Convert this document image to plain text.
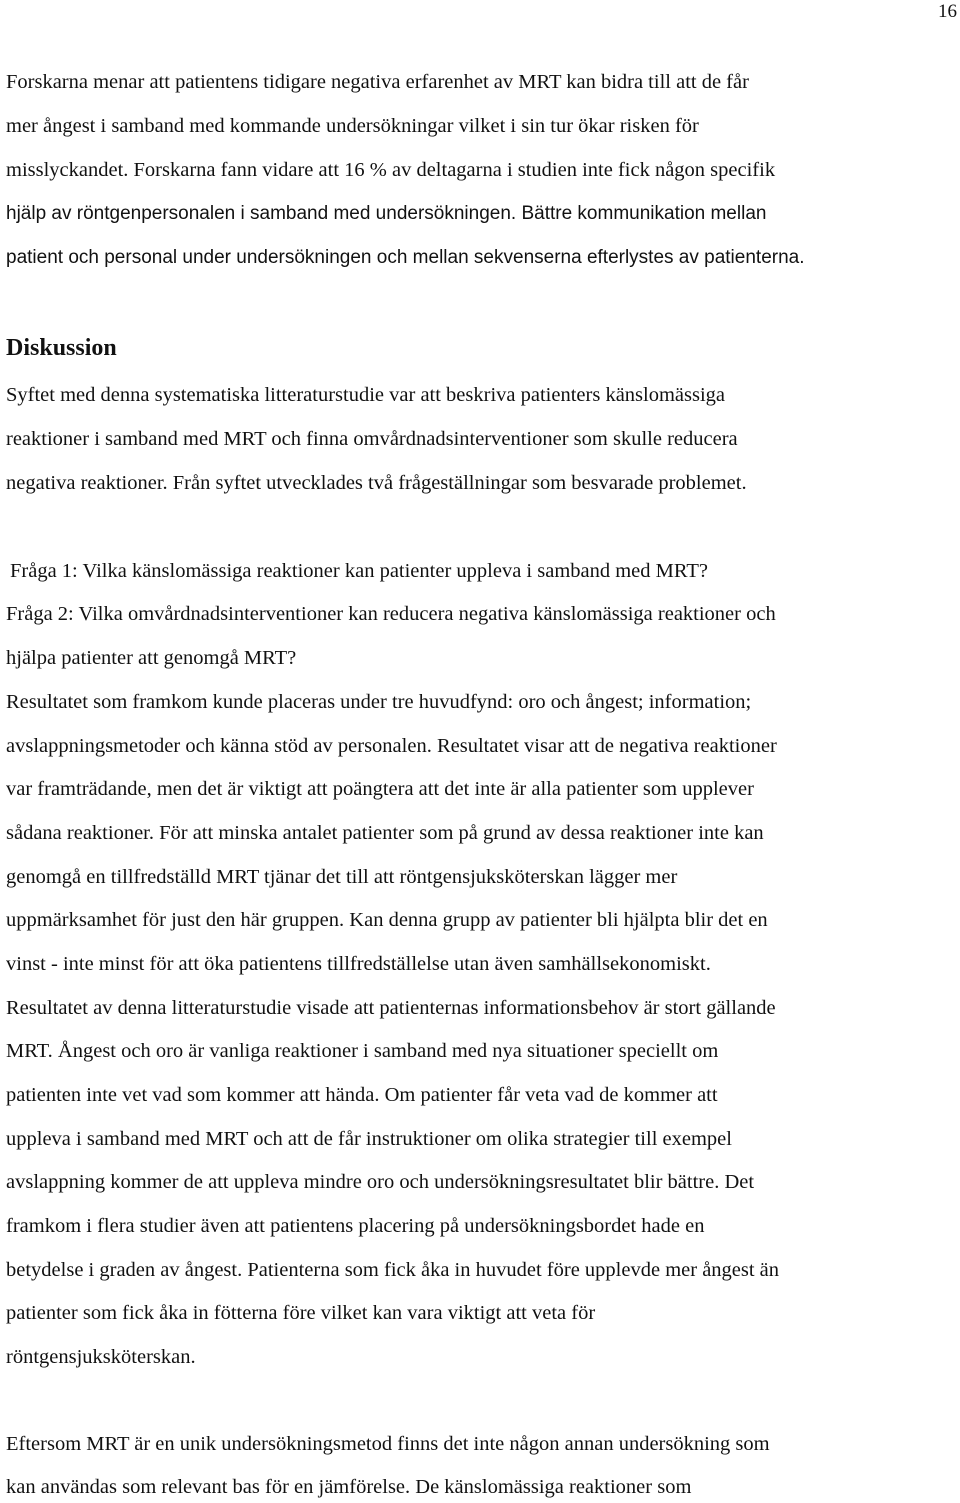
16
Forskarna menar att patientens tidigare negativa erfarenhet av MRT kan bidra till att de får
mer ångest i samband med kommande undersökningar vilket i sin tur ökar risken för
misslyckandet. Forskarna fann vidare att 16 % av deltagarna i studien inte fick någon specifik
hjälp av röntgenpersonalen i samband med undersökningen. Bättre kommunikation mellan
patient och personal under undersökningen och mellan sekvenserna efterlystes av patienterna.
Diskussion
Syftet med denna systematiska litteraturstudie var att beskriva patienters känslomässiga
reaktioner i samband med MRT och finna omvårdnadsinterventioner som skulle reducera
negativa reaktioner. Från syftet utvecklades två frågeställningar som besvarade problemet.
Fråga 1: Vilka känslomässiga reaktioner kan patienter uppleva i samband med MRT?
Fråga 2: Vilka omvårdnadsinterventioner kan reducera negativa känslomässiga reaktioner och
hjälpa patienter att genomgå MRT?
Resultatet som framkom kunde placeras under tre huvudfynd: oro och ångest; information;
avslappningsmetoder och känna stöd av personalen. Resultatet visar att de negativa reaktioner
var framträdande, men det är viktigt att poängtera att det inte är alla patienter som upplever
sådana reaktioner. För att minska antalet patienter som på grund av dessa reaktioner inte kan
genomgå en tillfredställd MRT tjänar det till att röntgensjuksköterskan lägger mer
uppmärksamhet för just den här gruppen. Kan denna grupp av patienter bli hjälpta blir det en
vinst - inte minst för att öka patientens tillfredställelse utan även samhällsekonomiskt.
Resultatet av denna litteraturstudie visade att patienternas informationsbehov är stort gällande
MRT. Ångest och oro är vanliga reaktioner i samband med nya situationer speciellt om
patienten inte vet vad som kommer att hända. Om patienter får veta vad de kommer att
uppleva i samband med MRT och att de får instruktioner om olika strategier till exempel
avslappning kommer de att uppleva mindre oro och undersökningsresultatet blir bättre. Det
framkom i flera studier även att patientens placering på undersökningsbordet hade en
betydelse i graden av ångest. Patienterna som fick åka in huvudet före upplevde mer ångest än
patienter som fick åka in fötterna före vilket kan vara viktigt att veta för
röntgensjuksköterskan.
Eftersom MRT är en unik undersökningsmetod finns det inte någon annan undersökning som
kan användas som relevant bas för en jämförelse. De känslomässiga reaktioner som
